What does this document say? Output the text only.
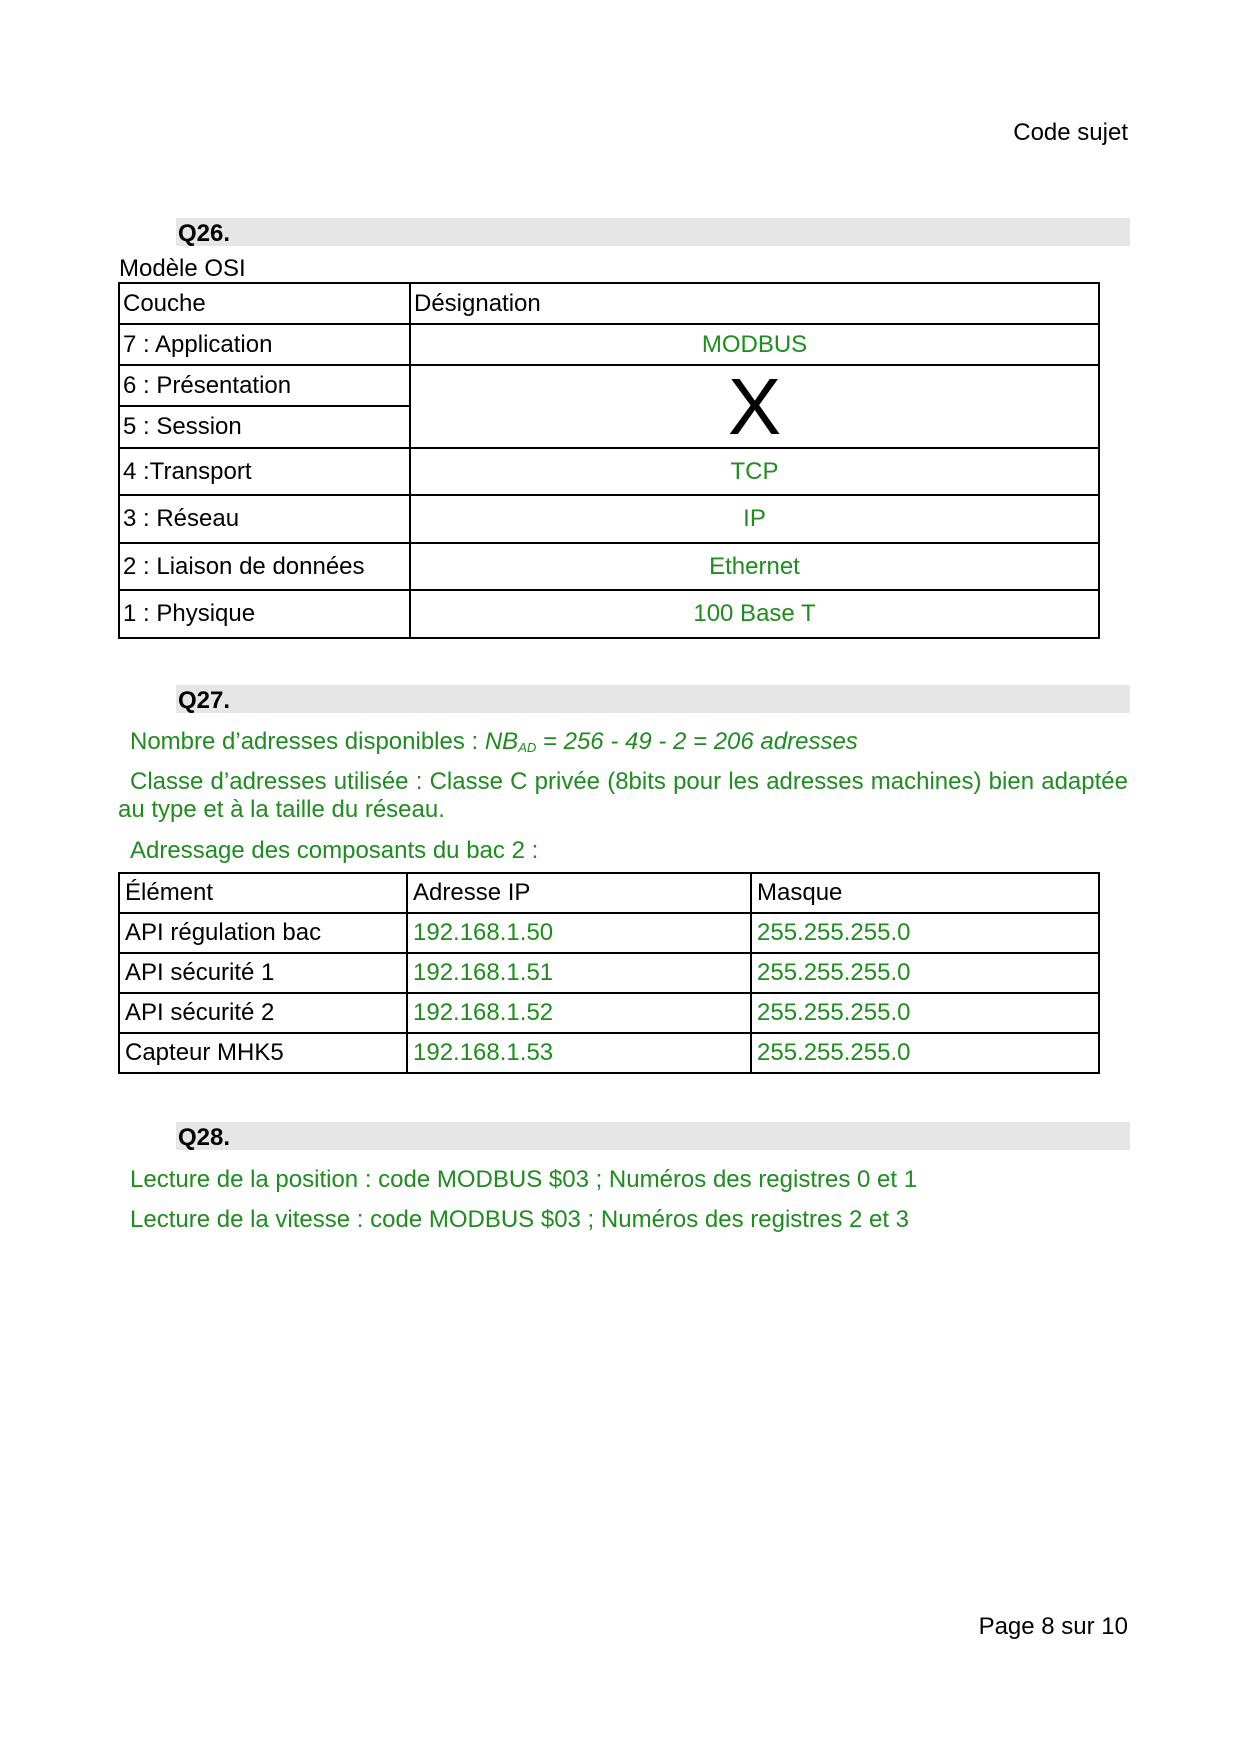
Code sujet
Q26.
Modèle OSI
Couche	Désignation
7 : Application	MODBUS
6 : Présentation	X
5 : Session	
4 :Transport	TCP
3 : Réseau	IP
2 : Liaison de données	Ethernet
1 : Physique	100 Base T
Q27.
Nombre d’adresses disponibles : $NB_{AD} = 256 - 49 - 2 = 206$ adresses
Classe d’adresses utilisée : Classe C privée (8bits pour les adresses machines) bien adaptée au type et à la taille du réseau.
Adressage des composants du bac 2 :
Élément	Adresse IP	Masque
API régulation bac	192.168.1.50	255.255.255.0
API sécurité 1	192.168.1.51	255.255.255.0
API sécurité 2	192.168.1.52	255.255.255.0
Capteur MHK5	192.168.1.53	255.255.255.0
Q28.
Lecture de la position : code MODBUS $03 ; Numéros des registres 0 et 1
Lecture de la vitesse : code MODBUS $03 ; Numéros des registres 2 et 3
Page 8 sur 10
